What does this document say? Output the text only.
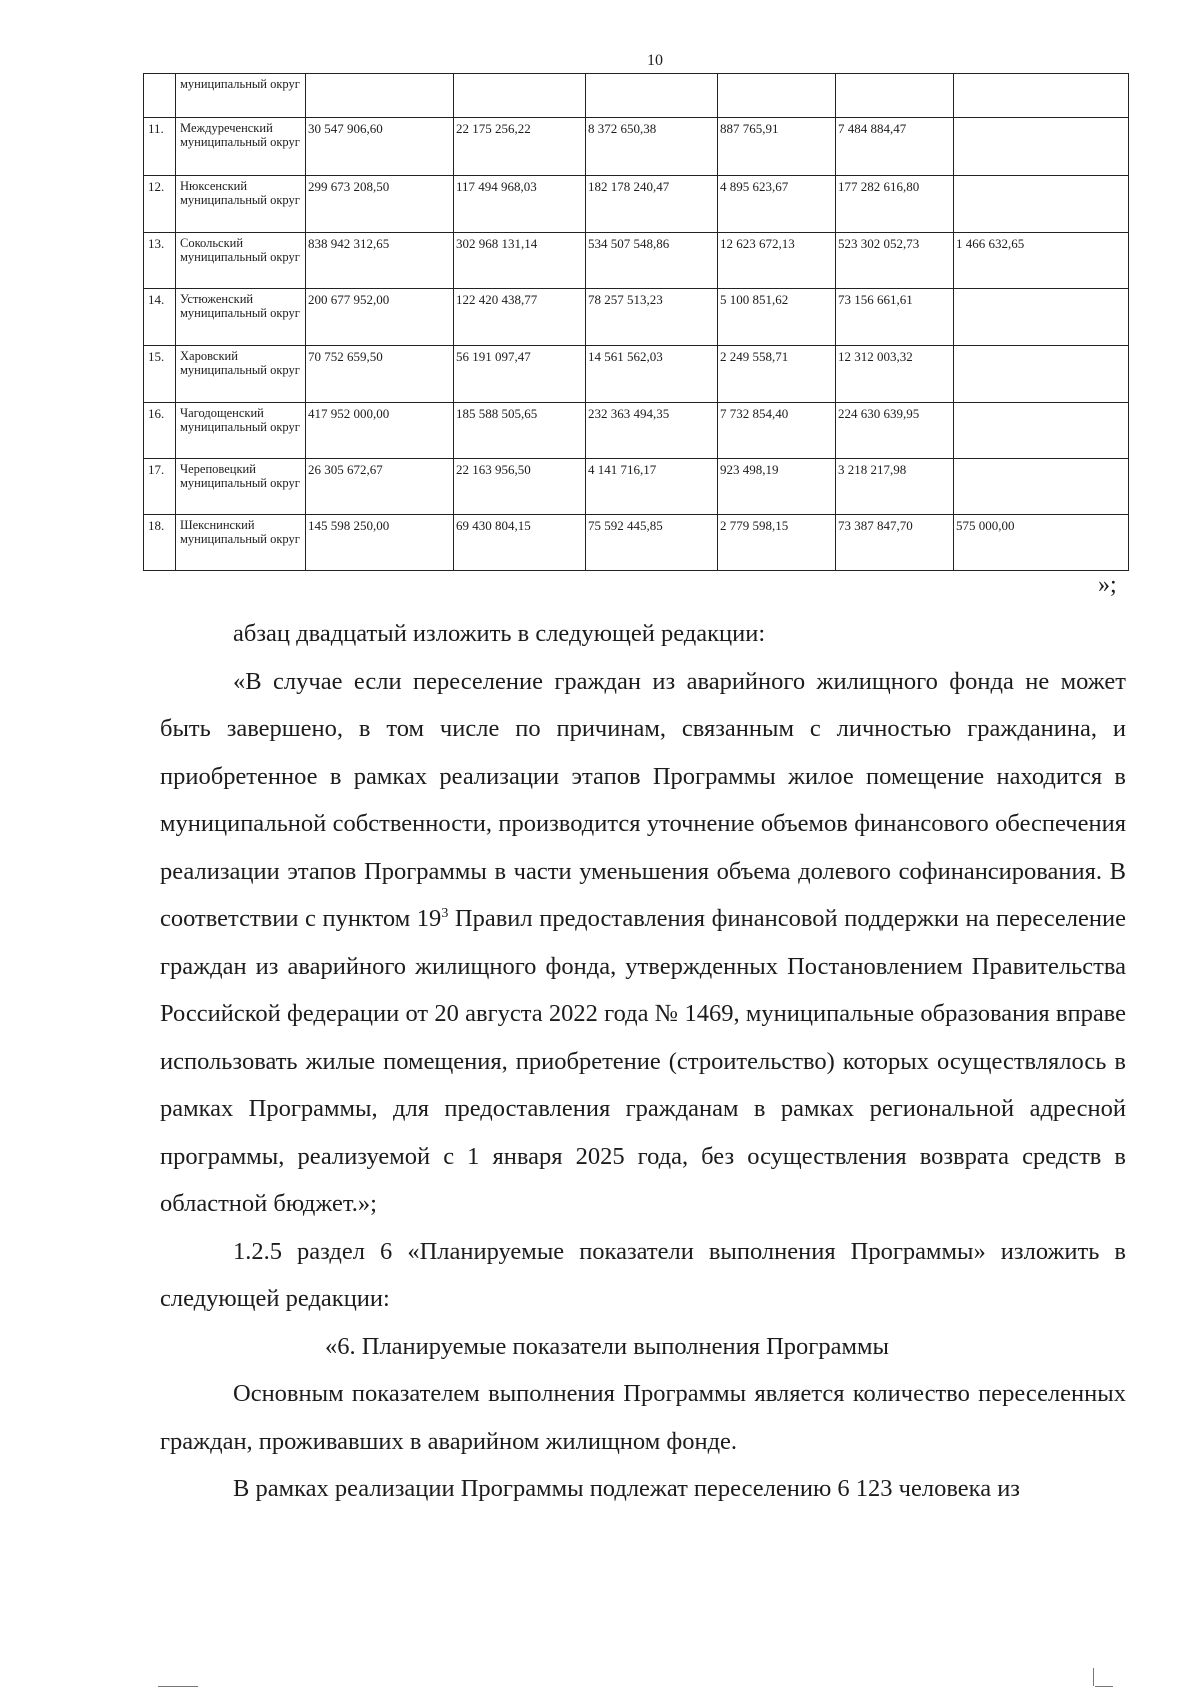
10
	муниципальный округ						
11.	Междуреченский муниципальный округ	30 547 906,60	22 175 256,22	8 372 650,38	887 765,91	7 484 884,47	
12.	Нюксенский муниципальный округ	299 673 208,50	117 494 968,03	182 178 240,47	4 895 623,67	177 282 616,80	
13.	Сокольский муниципальный округ	838 942 312,65	302 968 131,14	534 507 548,86	12 623 672,13	523 302 052,73	1 466 632,65
14.	Устюженский муниципальный округ	200 677 952,00	122 420 438,77	78 257 513,23	5 100 851,62	73 156 661,61	
15.	Харовский муниципальный округ	70 752 659,50	56 191 097,47	14 561 562,03	2 249 558,71	12 312 003,32	
16.	Чагодощенский муниципальный округ	417 952 000,00	185 588 505,65	232 363 494,35	7 732 854,40	224 630 639,95	
17.	Череповецкий муниципальный округ	26 305 672,67	22 163 956,50	4 141 716,17	923 498,19	3 218 217,98	
18.	Шекснинский муниципальный округ	145 598 250,00	69 430 804,15	75 592 445,85	2 779 598,15	73 387 847,70	575 000,00
»;

абзац двадцатый изложить в следующей редакции:

«В случае если переселение граждан из аварийного жилищного фонда не может быть завершено, в том числе по причинам, связанным с личностью гражданина, и приобретенное в рамках реализации этапов Программы жилое помещение находится в муниципальной собственности, производится уточнение объемов финансового обеспечения реализации этапов Программы в части уменьшения объема долевого софинансирования. В соответствии с пунктом $19^3$ Правил предоставления финансовой поддержки на переселение граждан из аварийного жилищного фонда, утвержденных Постановлением Правительства Российской федерации от 20 августа 2022 года № 1469, муниципальные образования вправе использовать жилые помещения, приобретение (строительство) которых осуществлялось в рамках Программы, для предоставления гражданам в рамках региональной адресной программы, реализуемой с 1 января 2025 года, без осуществления возврата средств в областной бюджет.»;

1.2.5 раздел 6 «Планируемые показатели выполнения Программы» изложить в следующей редакции:

«6. Планируемые показатели выполнения Программы

Основным показателем выполнения Программы является количество переселенных граждан, проживавших в аварийном жилищном фонде.

В рамках реализации Программы подлежат переселению 6 123 человека из
